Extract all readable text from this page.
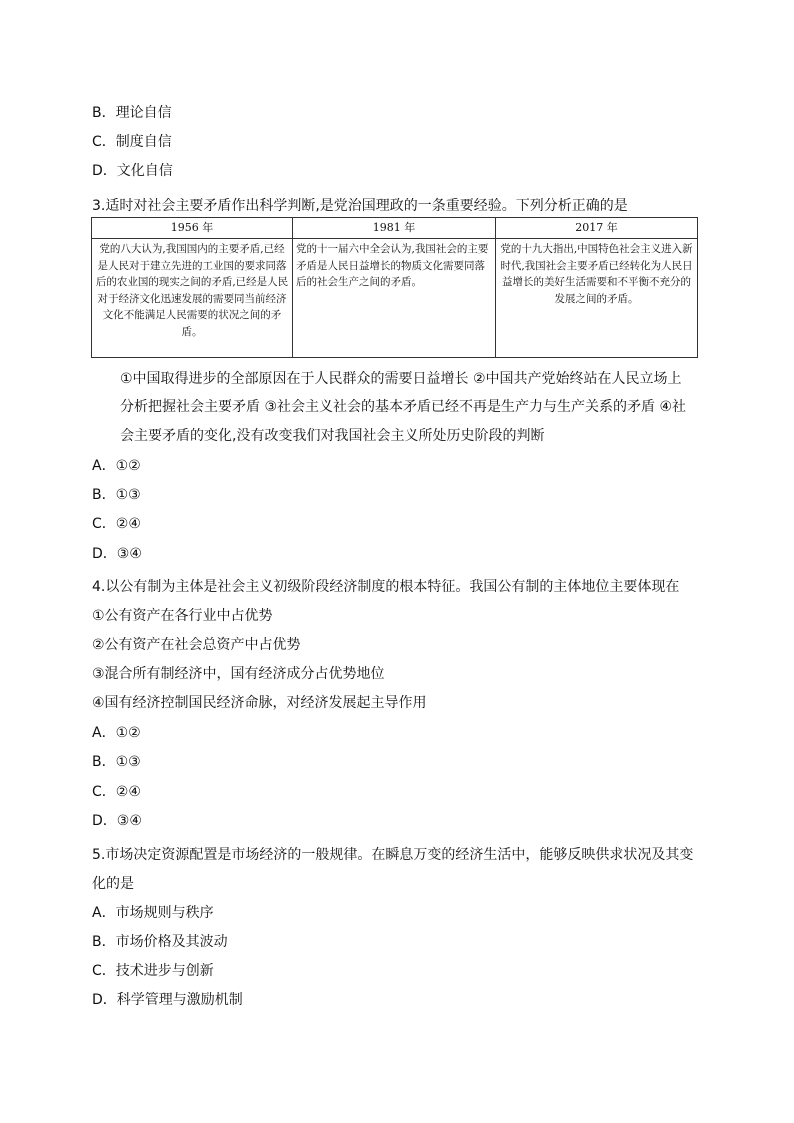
B．理论自信
C．制度自信
D．文化自信
3.适时对社会主要矛盾作出科学判断,是党治国理政的一条重要经验。下列分析正确的是
1956 年	1981 年	2017 年
党的八大认为,我国国内的主要矛盾,已经是人民对于建立先进的工业国的要求同落后的农业国的现实之间的矛盾,已经是人民对于经济文化迅速发展的需要同当前经济文化不能满足人民需要的状况之间的矛盾。	党的十一届六中全会认为,我国社会的主要矛盾是人民日益增长的物质文化需要同落后的社会生产之间的矛盾。	党的十九大指出,中国特色社会主义进入新时代,我国社会主要矛盾已经转化为人民日益增长的美好生活需要和不平衡不充分的发展之间的矛盾。
①中国取得进步的全部原因在于人民群众的需要日益增长 ②中国共产党始终站在人民立场上
分析把握社会主要矛盾 ③社会主义社会的基本矛盾已经不再是生产力与生产关系的矛盾 ④社
会主要矛盾的变化,没有改变我们对我国社会主义所处历史阶段的判断
A．①②
B．①③
C．②④
D．③④
4.以公有制为主体是社会主义初级阶段经济制度的根本特征。我国公有制的主体地位主要体现在
①公有资产在各行业中占优势
②公有资产在社会总资产中占优势
③混合所有制经济中，国有经济成分占优势地位
④国有经济控制国民经济命脉，对经济发展起主导作用
A．①②
B．①③
C．②④
D．③④
5.市场决定资源配置是市场经济的一般规律。在瞬息万变的经济生活中，能够反映供求状况及其变
化的是
A．市场规则与秩序
B．市场价格及其波动
C．技术进步与创新
D．科学管理与激励机制
